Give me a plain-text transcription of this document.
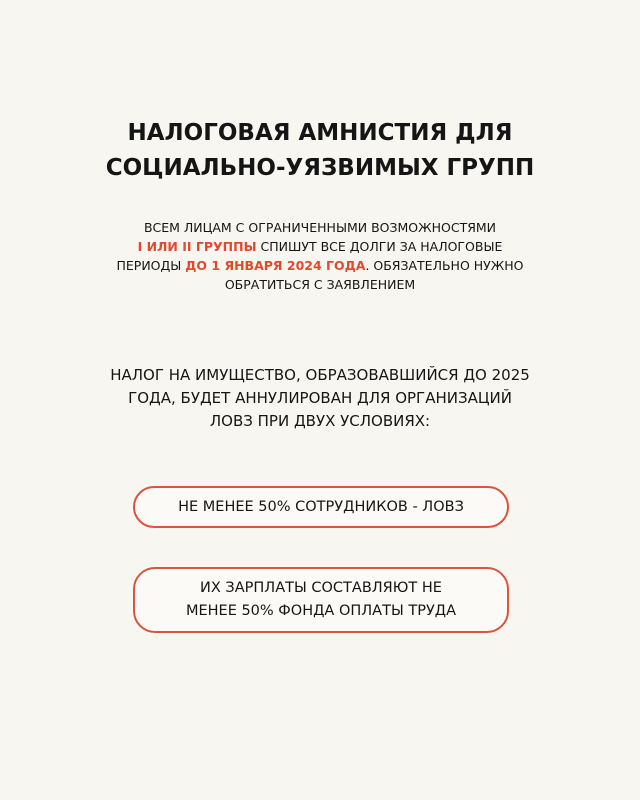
НАЛОГОВАЯ АМНИСТИЯ ДЛЯ
СОЦИАЛЬНО-УЯЗВИМЫХ ГРУПП
ВСЕМ ЛИЦАМ С ОГРАНИЧЕННЫМИ ВОЗМОЖНОСТЯМИ
I ИЛИ II ГРУППЫ СПИШУТ ВСЕ ДОЛГИ ЗА НАЛОГОВЫЕ
ПЕРИОДЫ ДО 1 ЯНВАРЯ 2024 ГОДА. ОБЯЗАТЕЛЬНО НУЖНО
ОБРАТИТЬСЯ С ЗАЯВЛЕНИЕМ
НАЛОГ НА ИМУЩЕСТВО, ОБРАЗОВАВШИЙСЯ ДО 2025
ГОДА, БУДЕТ АННУЛИРОВАН ДЛЯ ОРГАНИЗАЦИЙ
ЛОВЗ ПРИ ДВУХ УСЛОВИЯХ:
НЕ МЕНЕЕ 50% СОТРУДНИКОВ - ЛОВЗ
ИХ ЗАРПЛАТЫ СОСТАВЛЯЮТ НЕ
МЕНЕЕ 50% ФОНДА ОПЛАТЫ ТРУДА
